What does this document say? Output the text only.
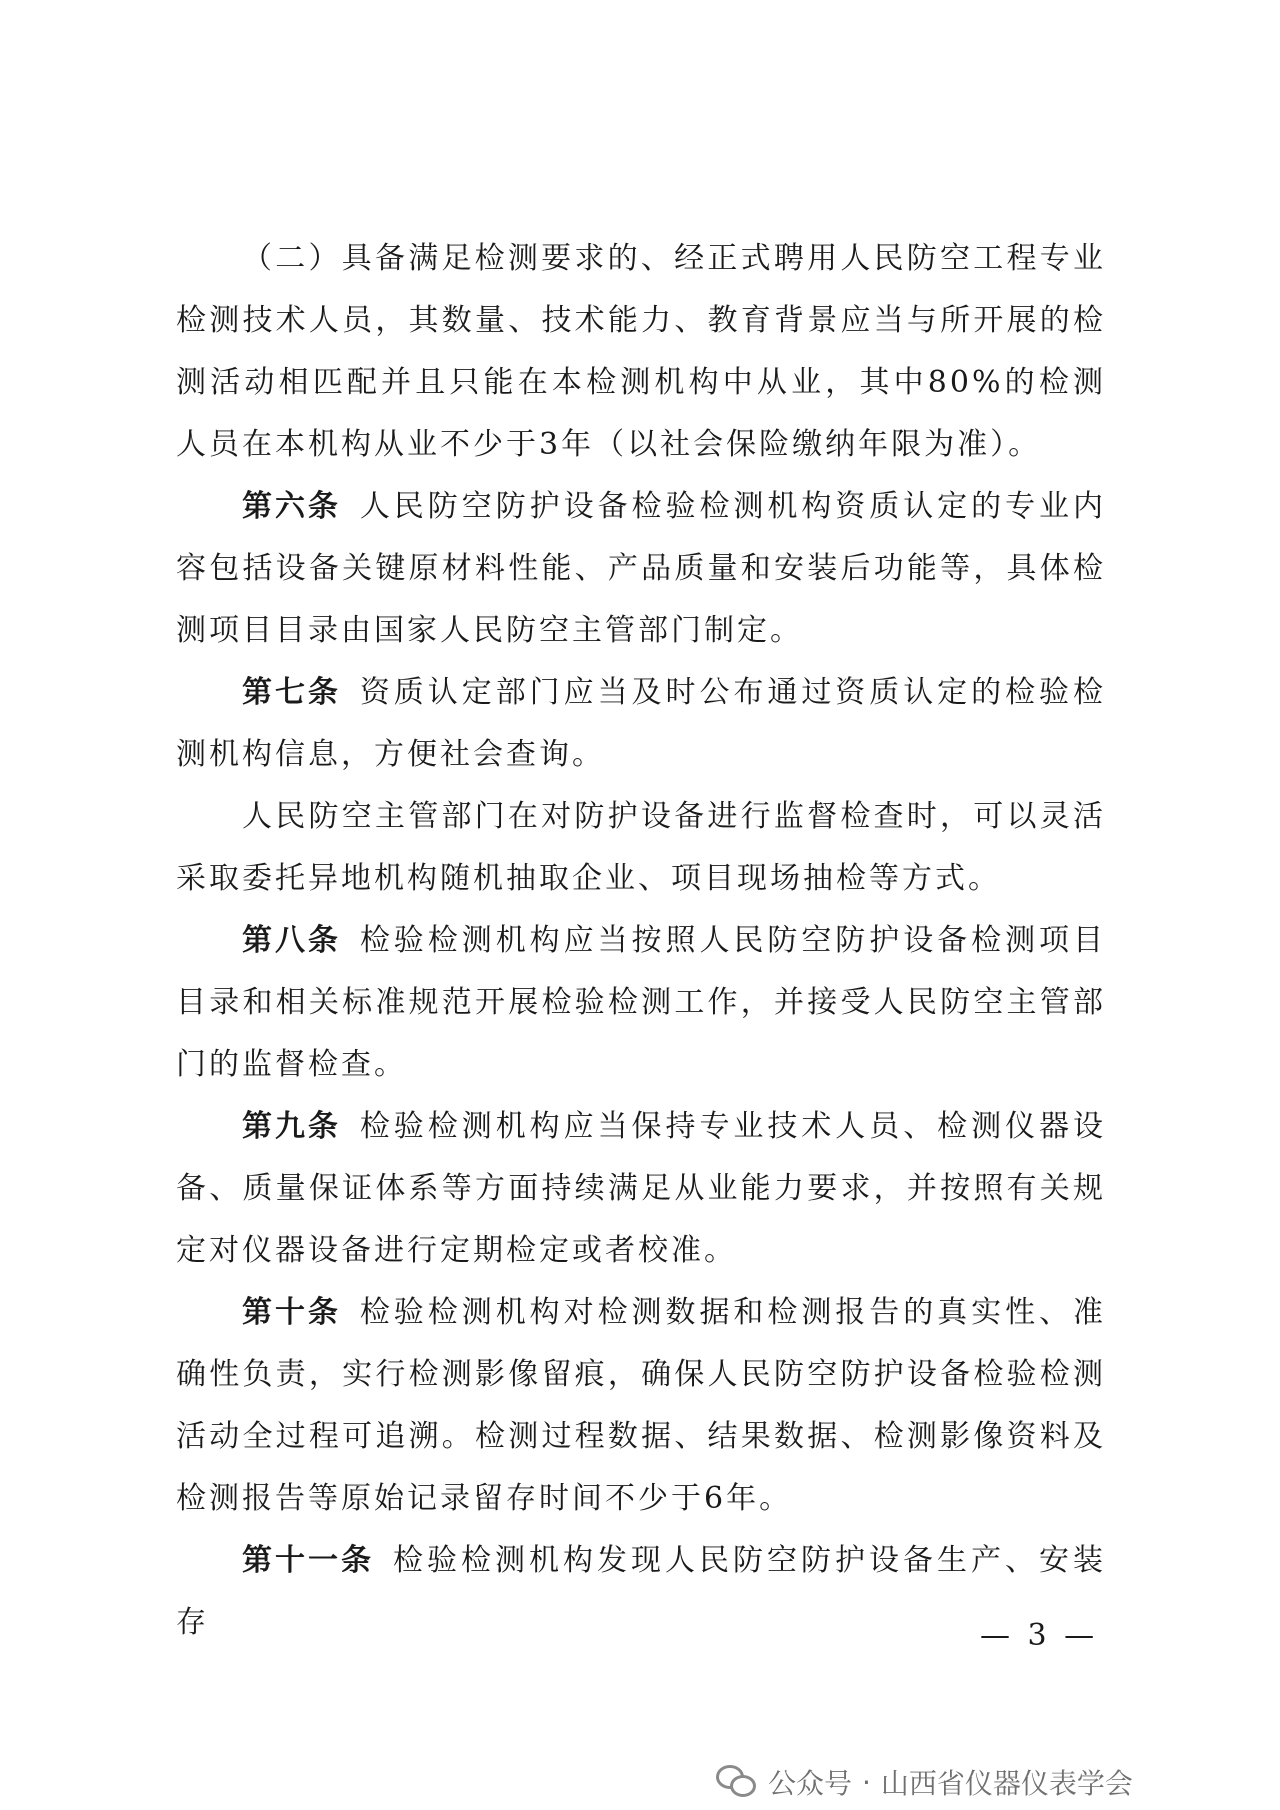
（二）具备满足检测要求的、经正式聘用人民防空工程专业检测技术人员，其数量、技术能力、教育背景应当与所开展的检测活动相匹配并且只能在本检测机构中从业，其中80%的检测人员在本机构从业不少于3年（以社会保险缴纳年限为准）。

第六条  人民防空防护设备检验检测机构资质认定的专业内容包括设备关键原材料性能、产品质量和安装后功能等，具体检测项目目录由国家人民防空主管部门制定。

第七条  资质认定部门应当及时公布通过资质认定的检验检测机构信息，方便社会查询。

人民防空主管部门在对防护设备进行监督检查时，可以灵活采取委托异地机构随机抽取企业、项目现场抽检等方式。

第八条  检验检测机构应当按照人民防空防护设备检测项目目录和相关标准规范开展检验检测工作，并接受人民防空主管部门的监督检查。

第九条  检验检测机构应当保持专业技术人员、检测仪器设备、质量保证体系等方面持续满足从业能力要求，并按照有关规定对仪器设备进行定期检定或者校准。

第十条  检验检测机构对检测数据和检测报告的真实性、准确性负责，实行检测影像留痕，确保人民防空防护设备检验检测活动全过程可追溯。检测过程数据、结果数据、检测影像资料及检测报告等原始记录留存时间不少于6年。

第十一条  检验检测机构发现人民防空防护设备生产、安装存	— 3 —
公众号 · 山西省仪器仪表学会
